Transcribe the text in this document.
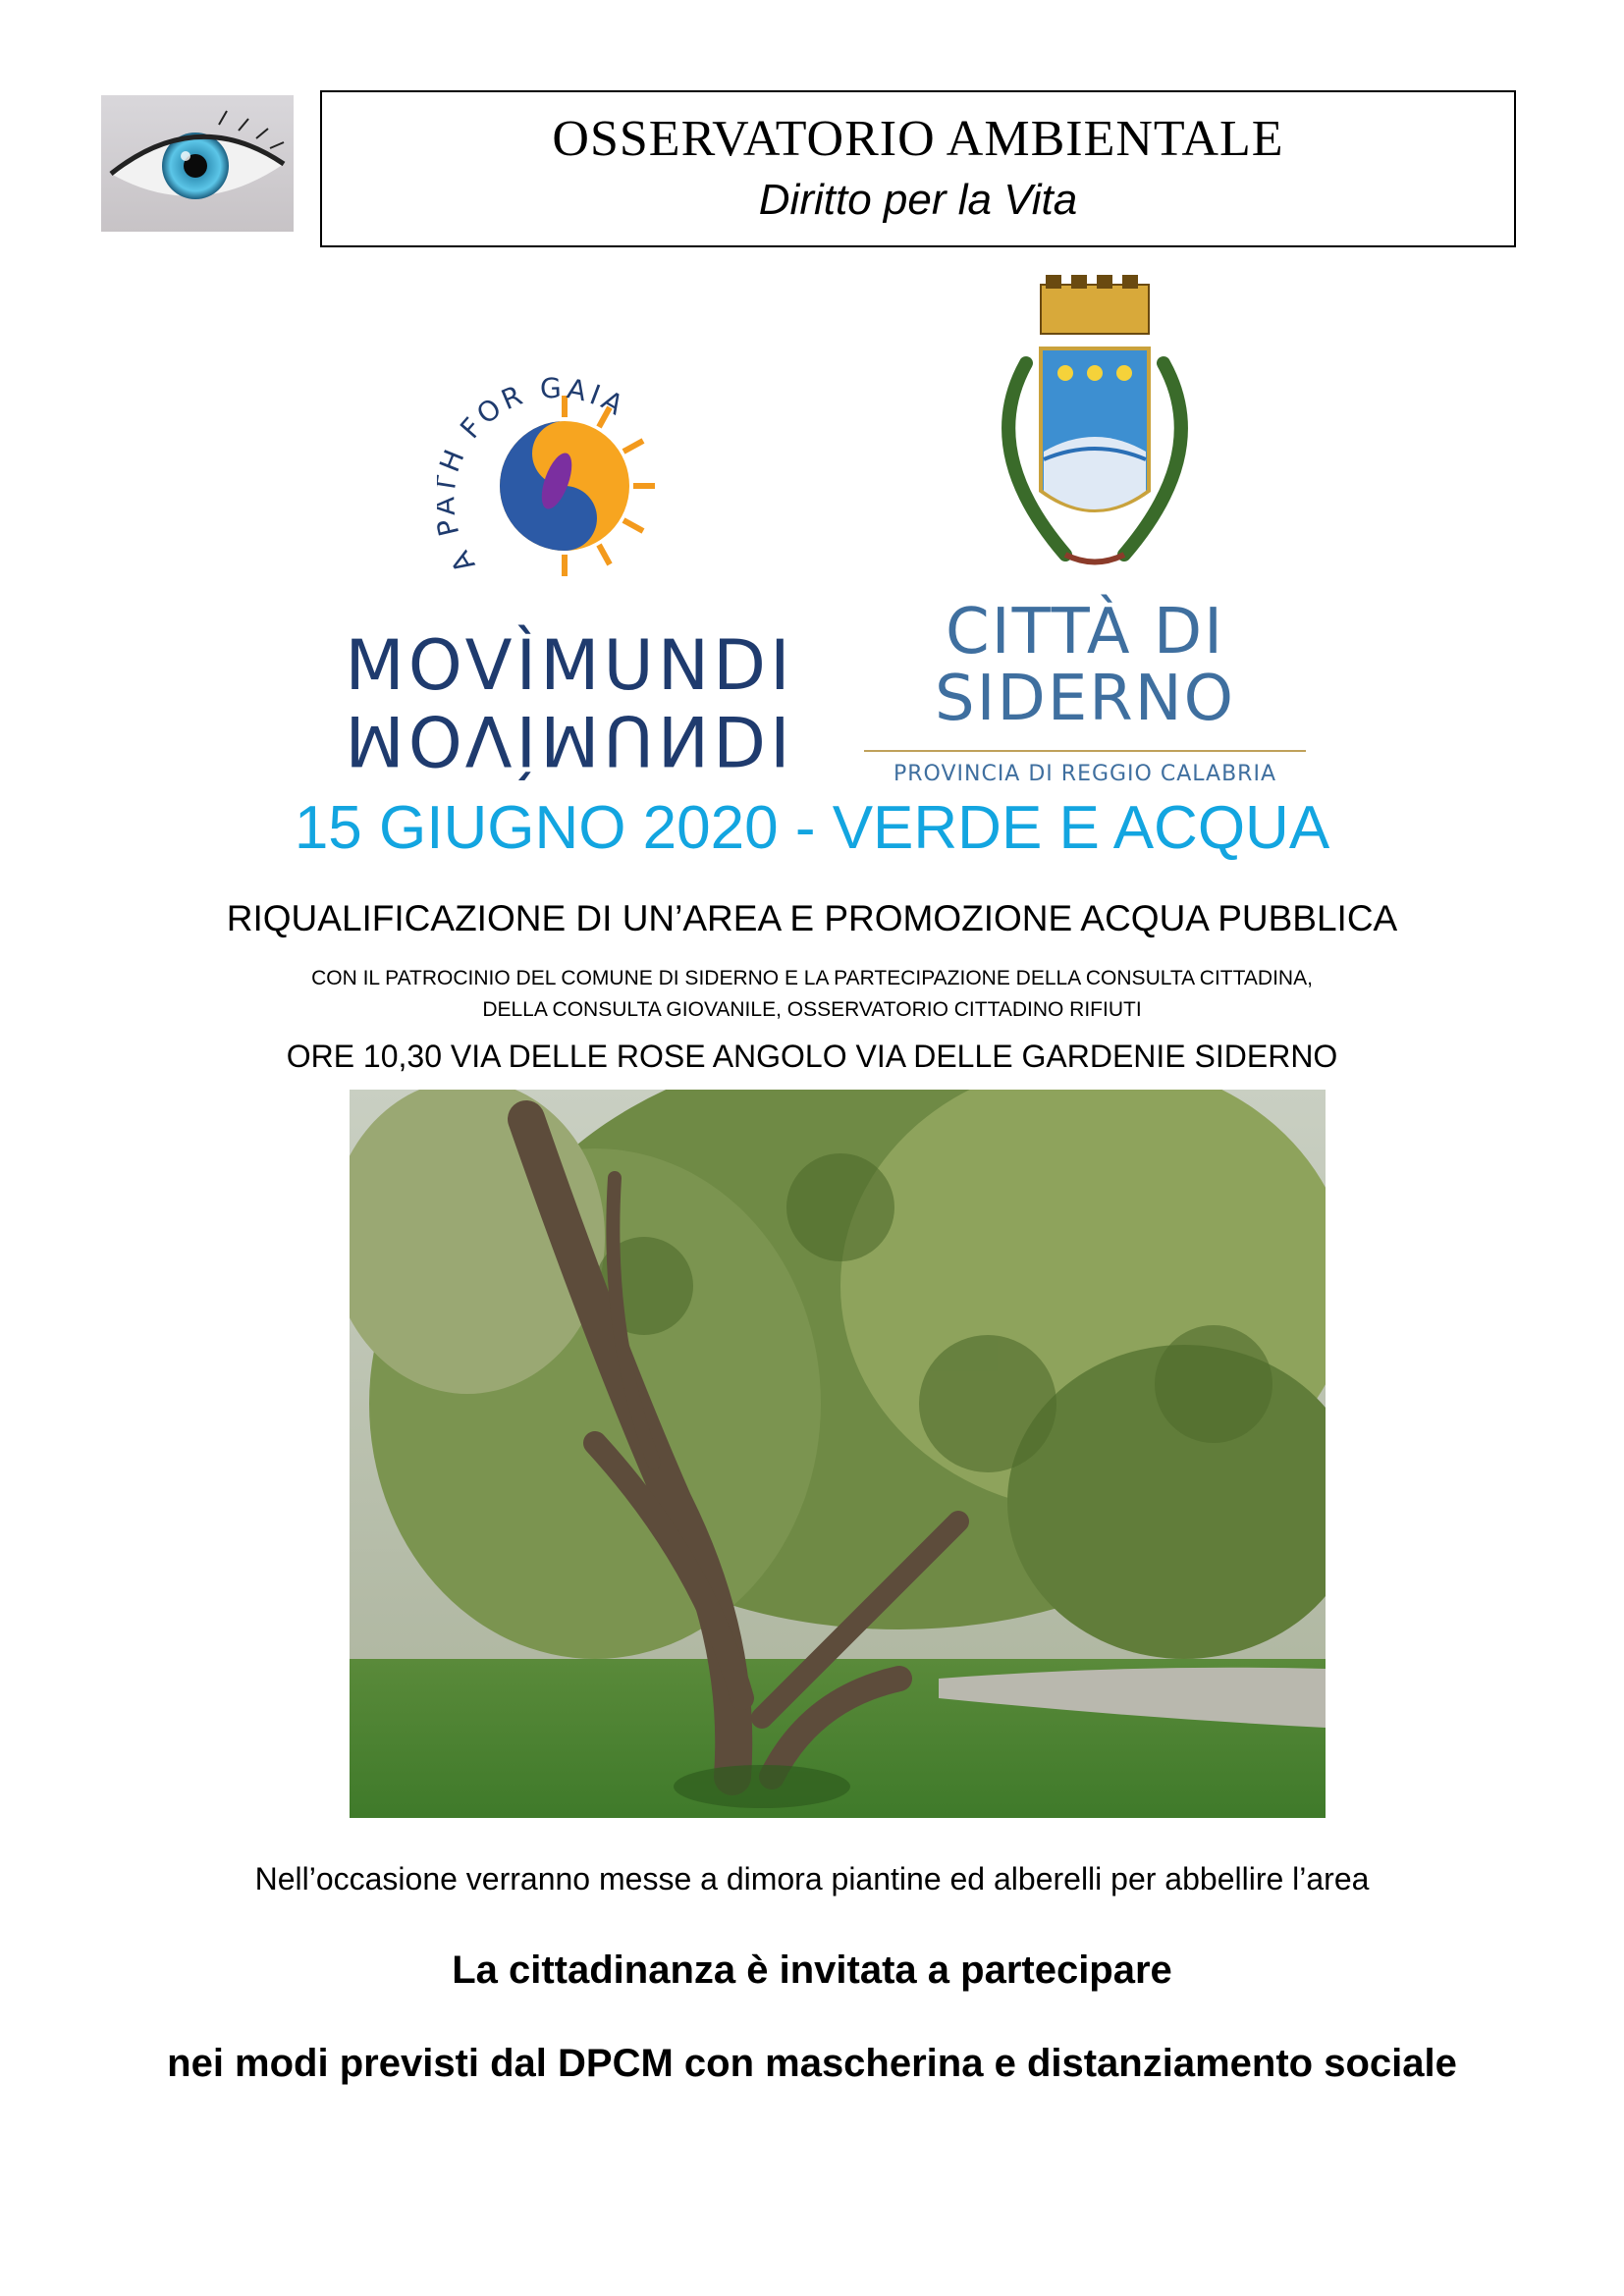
OSSERVATORIO AMBIENTALE
Diritto per la Vita
A H FOR GAIA
MOVÌMUNDI
MOVÌMUNDI
CITTÀ DI
SIDERNO
PROVINCIA DI REGGIO CALABRIA
15 GIUGNO 2020 - VERDE E ACQUA
RIQUALIFICAZIONE DI UN’AREA E PROMOZIONE ACQUA PUBBLICA
CON IL PATROCINIO DEL COMUNE DI SIDERNO E LA PARTECIPAZIONE DELLA CONSULTA CITTADINA,
DELLA CONSULTA GIOVANILE, OSSERVATORIO CITTADINO RIFIUTI
ORE 10,30 VIA DELLE ROSE ANGOLO VIA DELLE GARDENIE SIDERNO
Nell’occasione verranno messe a dimora piantine ed alberelli per abbellire l’area
La cittadinanza è invitata a partecipare
nei modi previsti dal DPCM con mascherina e distanziamento sociale
